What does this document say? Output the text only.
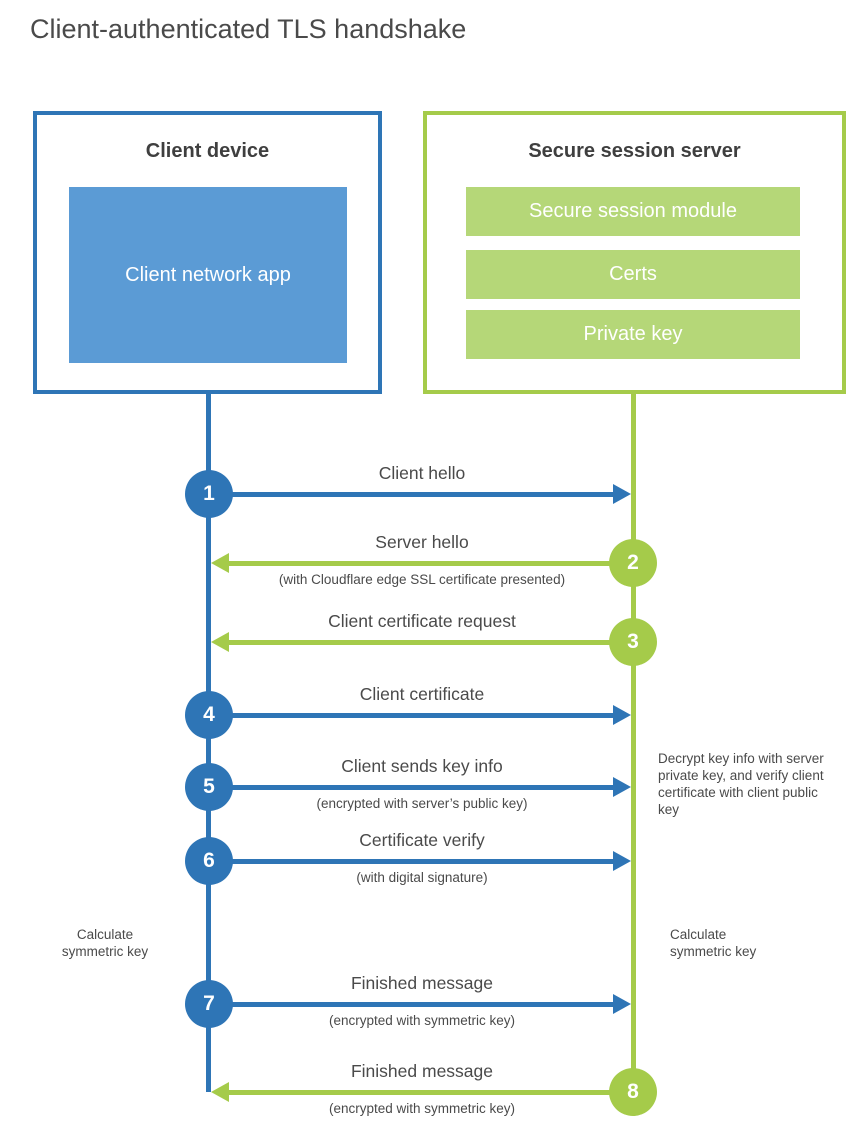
Client-authenticated TLS handshake
Client device
Client network app
Secure session server
Secure session module
Certs
Private key
Client hello
1
Server hello
(with Cloudflare edge SSL certificate presented)
2
Client certificate request
3
Client certificate
4
Client sends key info
(encrypted with server’s public key)
5
Certificate verify
(with digital signature)
6
Finished message
(encrypted with symmetric key)
7
Finished message
(encrypted with symmetric key)
8
Decrypt key info with server private key, and verify client certificate with client public key
Calculate symmetric key
Calculate symmetric key
